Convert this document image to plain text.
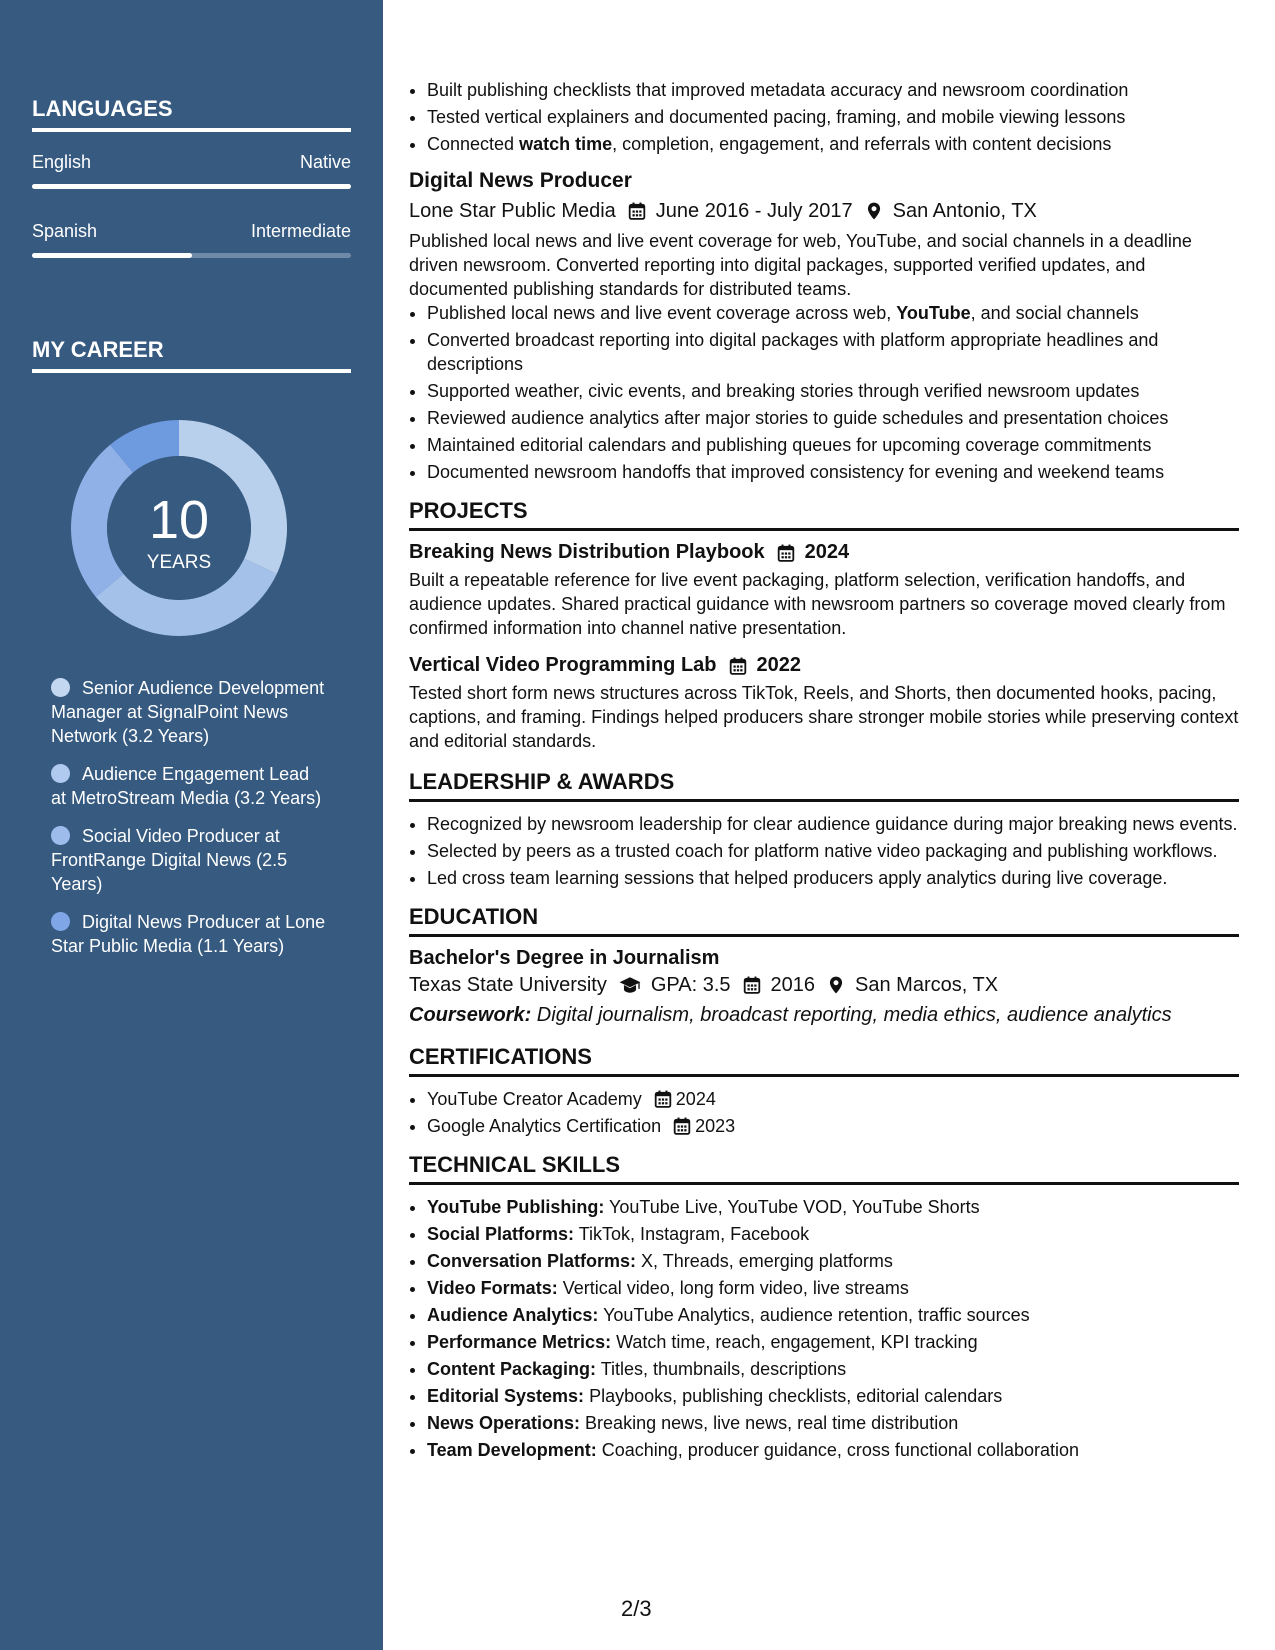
LANGUAGES
English	Native
Spanish	Intermediate
MY CAREER
10
YEARS
Senior Audience Development Manager at SignalPoint News Network (3.2 Years)
Audience Engagement Lead at MetroStream Media (3.2 Years)
Social Video Producer at FrontRange Digital News (2.5 Years)
Digital News Producer at Lone Star Public Media (1.1 Years)
• Built publishing checklists that improved metadata accuracy and newsroom coordination
• Tested vertical explainers and documented pacing, framing, and mobile viewing lessons
• Connected watch time, completion, engagement, and referrals with content decisions
Digital News Producer
Lone Star Public Media June 2016 - July 2017 San Antonio, TX
Published local news and live event coverage for web, YouTube, and social channels in a deadline driven newsroom. Converted reporting into digital packages, supported verified updates, and documented publishing standards for distributed teams.
• Published local news and live event coverage across web, YouTube, and social channels
• Converted broadcast reporting into digital packages with platform appropriate headlines and descriptions
• Supported weather, civic events, and breaking stories through verified newsroom updates
• Reviewed audience analytics after major stories to guide schedules and presentation choices
• Maintained editorial calendars and publishing queues for upcoming coverage commitments
• Documented newsroom handoffs that improved consistency for evening and weekend teams
PROJECTS
Breaking News Distribution Playbook 2024
Built a repeatable reference for live event packaging, platform selection, verification handoffs, and audience updates. Shared practical guidance with newsroom partners so coverage moved clearly from confirmed information into channel native presentation.
Vertical Video Programming Lab 2022
Tested short form news structures across TikTok, Reels, and Shorts, then documented hooks, pacing, captions, and framing. Findings helped producers share stronger mobile stories while preserving context and editorial standards.
LEADERSHIP & AWARDS
• Recognized by newsroom leadership for clear audience guidance during major breaking news events.
• Selected by peers as a trusted coach for platform native video packaging and publishing workflows.
• Led cross team learning sessions that helped producers apply analytics during live coverage.
EDUCATION
Bachelor's Degree in Journalism
Texas State University GPA: 3.5 2016 San Marcos, TX
Coursework: Digital journalism, broadcast reporting, media ethics, audience analytics
CERTIFICATIONS
• YouTube Creator Academy 2024
• Google Analytics Certification 2023
TECHNICAL SKILLS
• YouTube Publishing: YouTube Live, YouTube VOD, YouTube Shorts
• Social Platforms: TikTok, Instagram, Facebook
• Conversation Platforms: X, Threads, emerging platforms
• Video Formats: Vertical video, long form video, live streams
• Audience Analytics: YouTube Analytics, audience retention, traffic sources
• Performance Metrics: Watch time, reach, engagement, KPI tracking
• Content Packaging: Titles, thumbnails, descriptions
• Editorial Systems: Playbooks, publishing checklists, editorial calendars
• News Operations: Breaking news, live news, real time distribution
• Team Development: Coaching, producer guidance, cross functional collaboration
2/3
